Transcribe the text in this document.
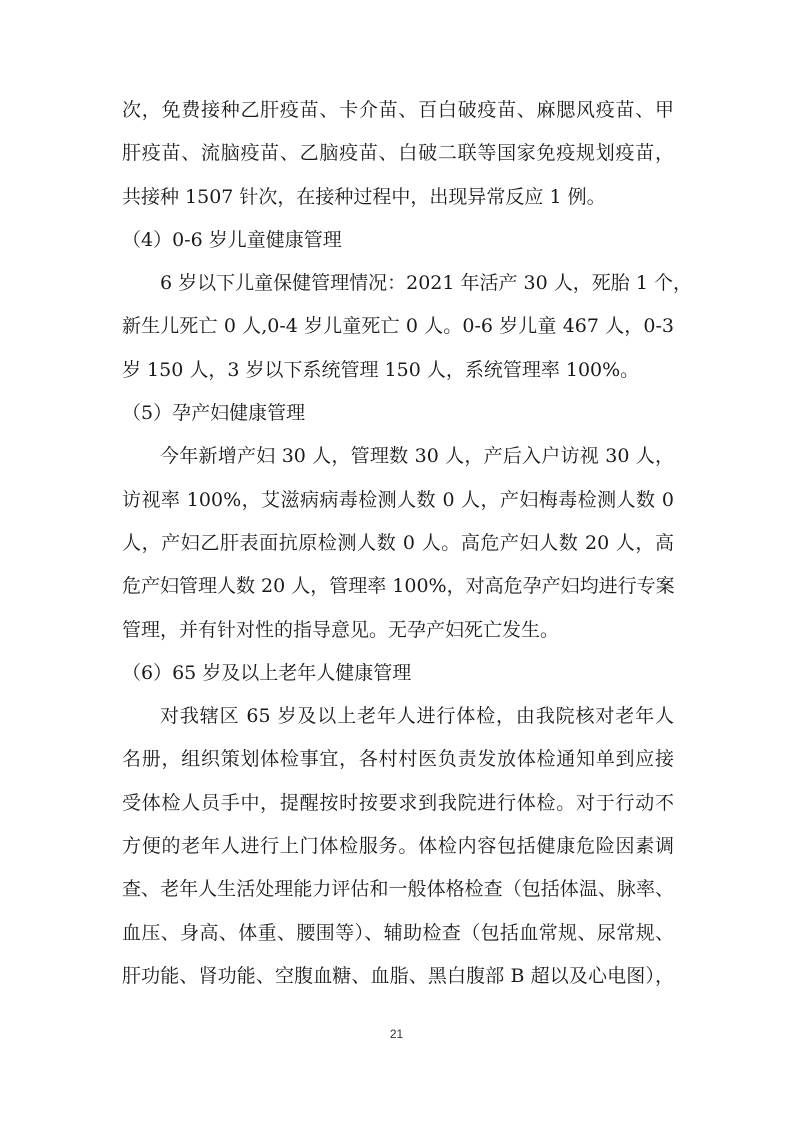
次，免费接种乙肝疫苗、卡介苗、百白破疫苗、麻腮风疫苗、甲
肝疫苗、流脑疫苗、乙脑疫苗、白破二联等国家免疫规划疫苗，
共接种 1507 针次，在接种过程中，出现异常反应 1 例。
（4）0-6 岁儿童健康管理
6 岁以下儿童保健管理情况：2021 年活产 30 人，死胎 1 个，
新生儿死亡 0 人,0-4 岁儿童死亡 0 人。0-6 岁儿童 467 人，0-3
岁 150 人，3 岁以下系统管理 150 人，系统管理率 100%。
（5）孕产妇健康管理
今年新增产妇 30 人，管理数 30 人，产后入户访视 30 人，
访视率 100%，艾滋病病毒检测人数 0 人，产妇梅毒检测人数 0
人，产妇乙肝表面抗原检测人数 0 人。高危产妇人数 20 人，高
危产妇管理人数 20 人，管理率 100%，对高危孕产妇均进行专案
管理，并有针对性的指导意见。无孕产妇死亡发生。
（6）65 岁及以上老年人健康管理
对我辖区 65 岁及以上老年人进行体检，由我院核对老年人
名册，组织策划体检事宜，各村村医负责发放体检通知单到应接
受体检人员手中，提醒按时按要求到我院进行体检。对于行动不
方便的老年人进行上门体检服务。体检内容包括健康危险因素调
查、老年人生活处理能力评估和一般体格检查（包括体温、脉率、
血压、身高、体重、腰围等）、辅助检查（包括血常规、尿常规、
肝功能、肾功能、空腹血糖、血脂、黑白腹部 B 超以及心电图），
21
